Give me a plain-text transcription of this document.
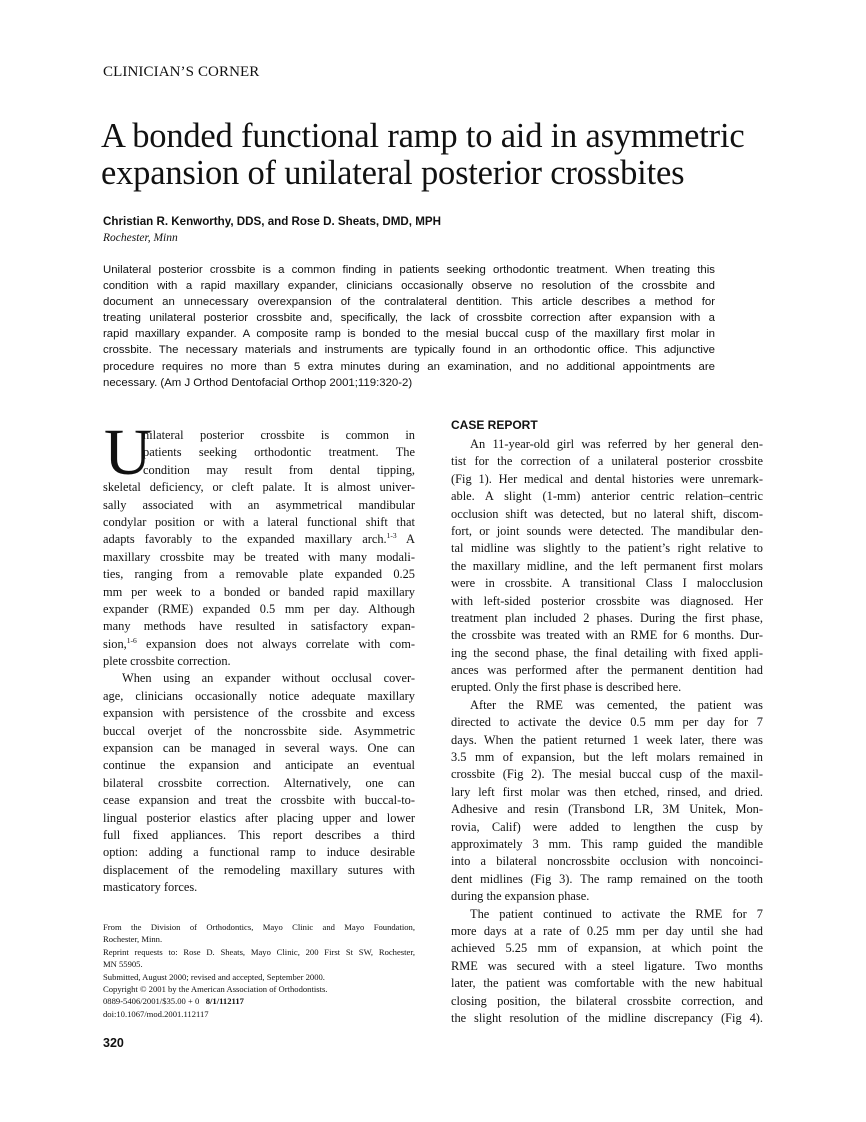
CLINICIAN’S CORNER
A bonded functional ramp to aid in asymmetric
expansion of unilateral posterior crossbites
Christian R. Kenworthy, DDS, and Rose D. Sheats, DMD, MPH
Rochester, Minn
Unilateral posterior crossbite is a common finding in patients seeking orthodontic treatment. When treating this
condition with a rapid maxillary expander, clinicians occasionally observe no resolution of the crossbite and
document an unnecessary overexpansion of the contralateral dentition. This article describes a method for
treating unilateral posterior crossbite and, specifically, the lack of crossbite correction after expansion with a
rapid maxillary expander. A composite ramp is bonded to the mesial buccal cusp of the maxillary first molar in
crossbite. The necessary materials and instruments are typically found in an orthodontic office. This adjunctive
procedure requires no more than 5 extra minutes during an examination, and no additional appointments are
necessary. (Am J Orthod Dentofacial Orthop 2001;119:320-2)
U
nilateral posterior crossbite is common in
patients seeking orthodontic treatment. The
condition may result from dental tipping,
skeletal deficiency, or cleft palate. It is almost univer-
sally associated with an asymmetrical mandibular
condylar position or with a lateral functional shift that
adapts favorably to the expanded maxillary arch.$^{1-3}$ A
maxillary crossbite may be treated with many modali-
ties, ranging from a removable plate expanded 0.25
mm per week to a bonded or banded rapid maxillary
expander (RME) expanded 0.5 mm per day. Although
many methods have resulted in satisfactory expan-
sion,$^{1-6}$ expansion does not always correlate with com-
plete crossbite correction.
When using an expander without occlusal cover-
age, clinicians occasionally notice adequate maxillary
expansion with persistence of the crossbite and excess
buccal overjet of the noncrossbite side. Asymmetric
expansion can be managed in several ways. One can
continue the expansion and anticipate an eventual
bilateral crossbite correction. Alternatively, one can
cease expansion and treat the crossbite with buccal-to-
lingual posterior elastics after placing upper and lower
full fixed appliances. This report describes a third
option: adding a functional ramp to induce desirable
displacement of the remodeling maxillary sutures with
masticatory forces.
CASE REPORT
An 11-year-old girl was referred by her general den-
tist for the correction of a unilateral posterior crossbite
(Fig 1). Her medical and dental histories were unremark-
able. A slight (1-mm) anterior centric relation–centric
occlusion shift was detected, but no lateral shift, discom-
fort, or joint sounds were detected. The mandibular den-
tal midline was slightly to the patient’s right relative to
the maxillary midline, and the left permanent first molars
were in crossbite. A transitional Class I malocclusion
with left-sided posterior crossbite was diagnosed. Her
treatment plan included 2 phases. During the first phase,
the crossbite was treated with an RME for 6 months. Dur-
ing the second phase, the final detailing with fixed appli-
ances was performed after the permanent dentition had
erupted. Only the first phase is described here.
After the RME was cemented, the patient was
directed to activate the device 0.5 mm per day for 7
days. When the patient returned 1 week later, there was
3.5 mm of expansion, but the left molars remained in
crossbite (Fig 2). The mesial buccal cusp of the maxil-
lary left first molar was then etched, rinsed, and dried.
Adhesive and resin (Transbond LR, 3M Unitek, Mon-
rovia, Calif) were added to lengthen the cusp by
approximately 3 mm. This ramp guided the mandible
into a bilateral noncrossbite occlusion with noncoinci-
dent midlines (Fig 3). The ramp remained on the tooth
during the expansion phase.
The patient continued to activate the RME for 7
more days at a rate of 0.25 mm per day until she had
achieved 5.25 mm of expansion, at which point the
RME was secured with a steel ligature. Two months
later, the patient was comfortable with the new habitual
closing position, the bilateral crossbite correction, and
the slight resolution of the midline discrepancy (Fig 4).
From the Division of Orthodontics, Mayo Clinic and Mayo Foundation,
Rochester, Minn.
Reprint requests to: Rose D. Sheats, Mayo Clinic, 200 First St SW, Rochester,
MN 55905.
Submitted, August 2000; revised and accepted, September 2000.
Copyright © 2001 by the American Association of Orthodontists.
0889-5406/2001/$35.00 + 0 8/1/112117
doi:10.1067/mod.2001.112117
320
